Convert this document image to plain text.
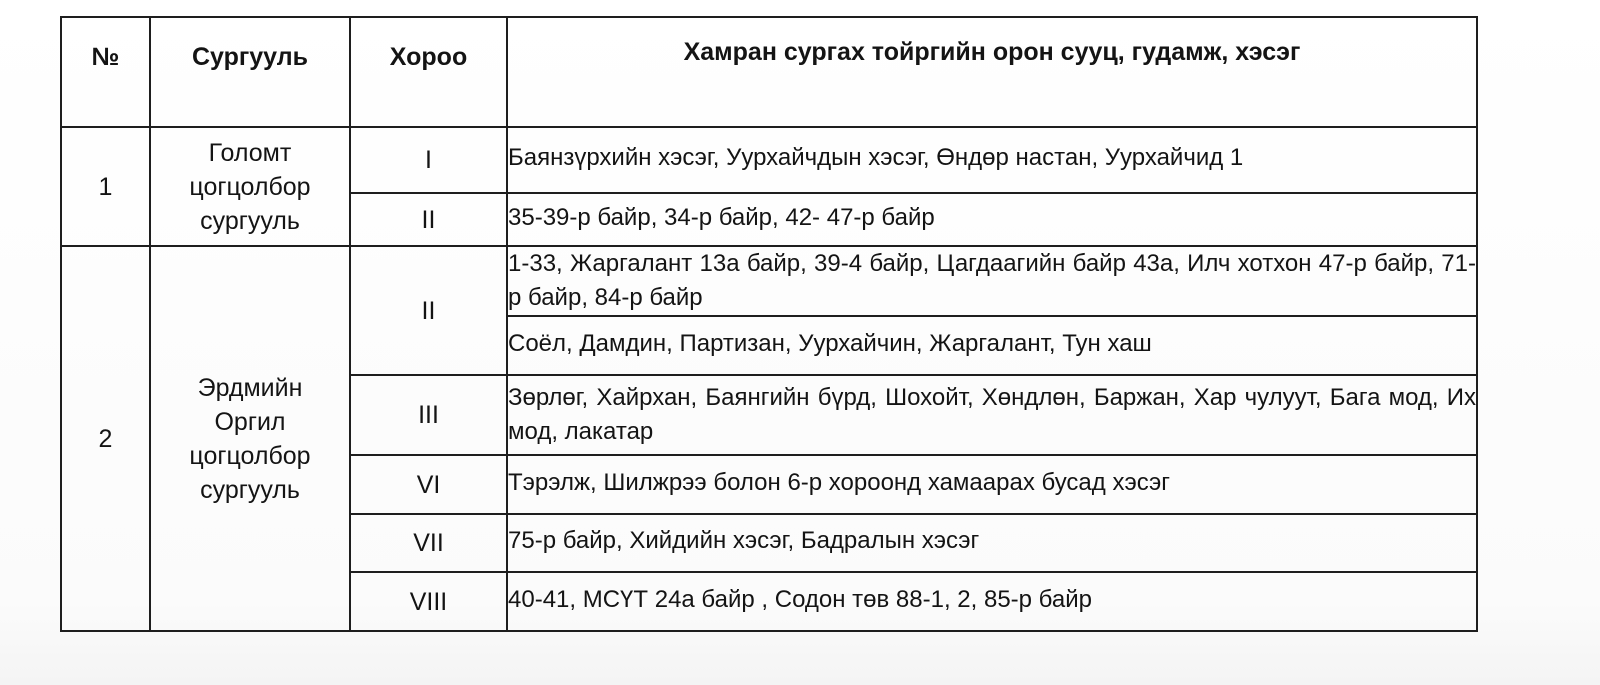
№	Сургууль	Хороо	Хамран сургах тойргийн орон сууц, гудамж, хэсэг
1	Голомт
цогцолбор
сургууль	I	Баянзүрхийн хэсэг, Уурхайчдын хэсэг, Өндөр настан, Уурхайчид 1
		II	35-39-р байр, 34-р байр, 42- 47-р байр
2	Эрдмийн
Оргил
цогцолбор
сургууль	II	1-33, Жаргалант 13а байр, 39-4 байр, Цагдаагийн байр 43а, Илч хотхон 47-р байр, 71-р байр, 84-р байр
			Соёл, Дамдин, Партизан, Уурхайчин, Жаргалант, Тун хаш
		III	Зөрлөг, Хайрхан, Баянгийн бүрд, Шохойт, Хөндлөн, Баржан, Хар чулуут, Бага мод, Их мод, лакатар
		VI	Тэрэлж, Шилжрээ болон 6-р хороонд хамаарах бусад хэсэг
		VII	75-р байр, Хийдийн хэсэг, Бадралын хэсэг
		VIII	40-41, МСҮТ 24а байр , Содон төв 88-1, 2, 85-р байр
